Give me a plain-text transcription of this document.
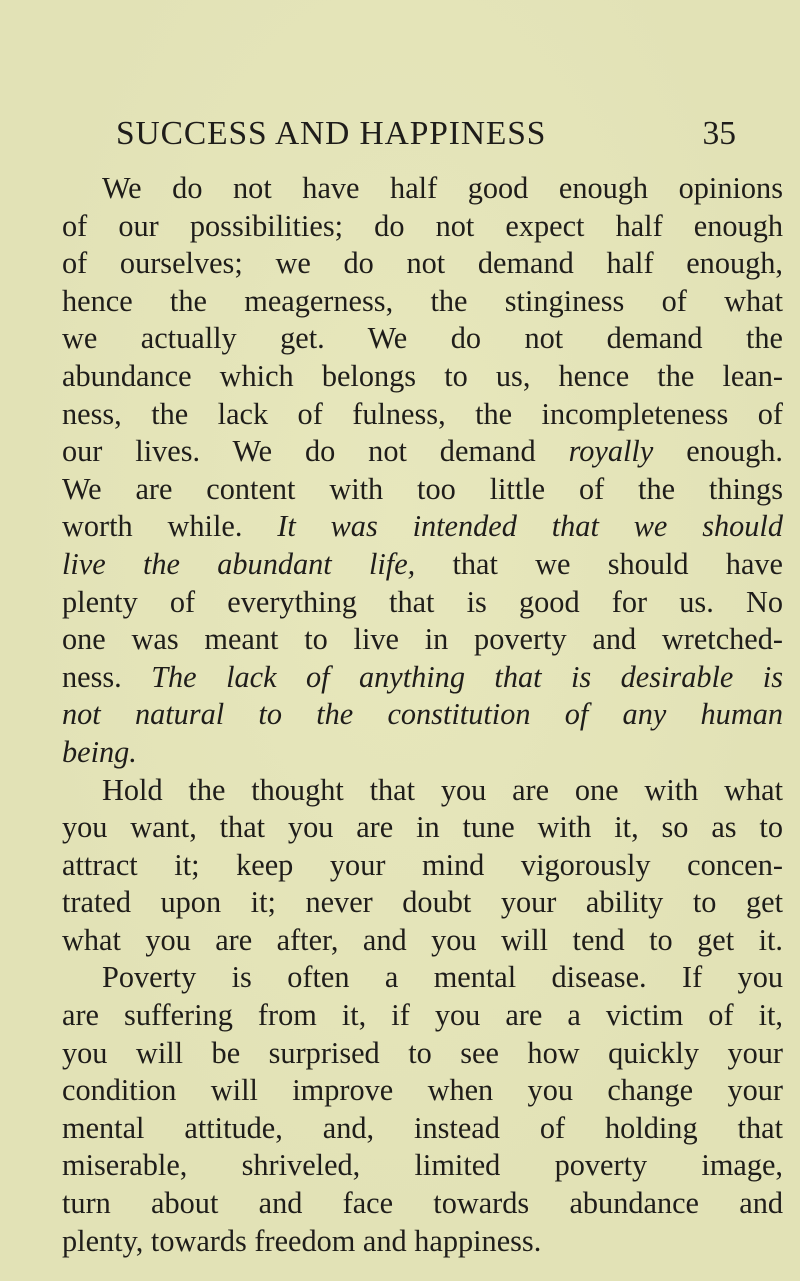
SUCCESS AND HAPPINESS	35
We do not have half good enough opinions
of our possibilities; do not expect half enough
of ourselves; we do not demand half enough,
hence the meagerness, the stinginess of what
we actually get. We do not demand the
abundance which belongs to us, hence the lean-
ness, the lack of fulness, the incompleteness of
our lives. We do not demand royally enough.
We are content with too little of the things
worth while. It was intended that we should
live the abundant life, that we should have
plenty of everything that is good for us. No
one was meant to live in poverty and wretched-
ness. The lack of anything that is desirable is
not natural to the constitution of any human
being.
Hold the thought that you are one with what
you want, that you are in tune with it, so as to
attract it; keep your mind vigorously concen-
trated upon it; never doubt your ability to get
what you are after, and you will tend to get it.
Poverty is often a mental disease. If you
are suffering from it, if you are a victim of it,
you will be surprised to see how quickly your
condition will improve when you change your
mental attitude, and, instead of holding that
miserable, shriveled, limited poverty image,
turn about and face towards abundance and
plenty, towards freedom and happiness.
